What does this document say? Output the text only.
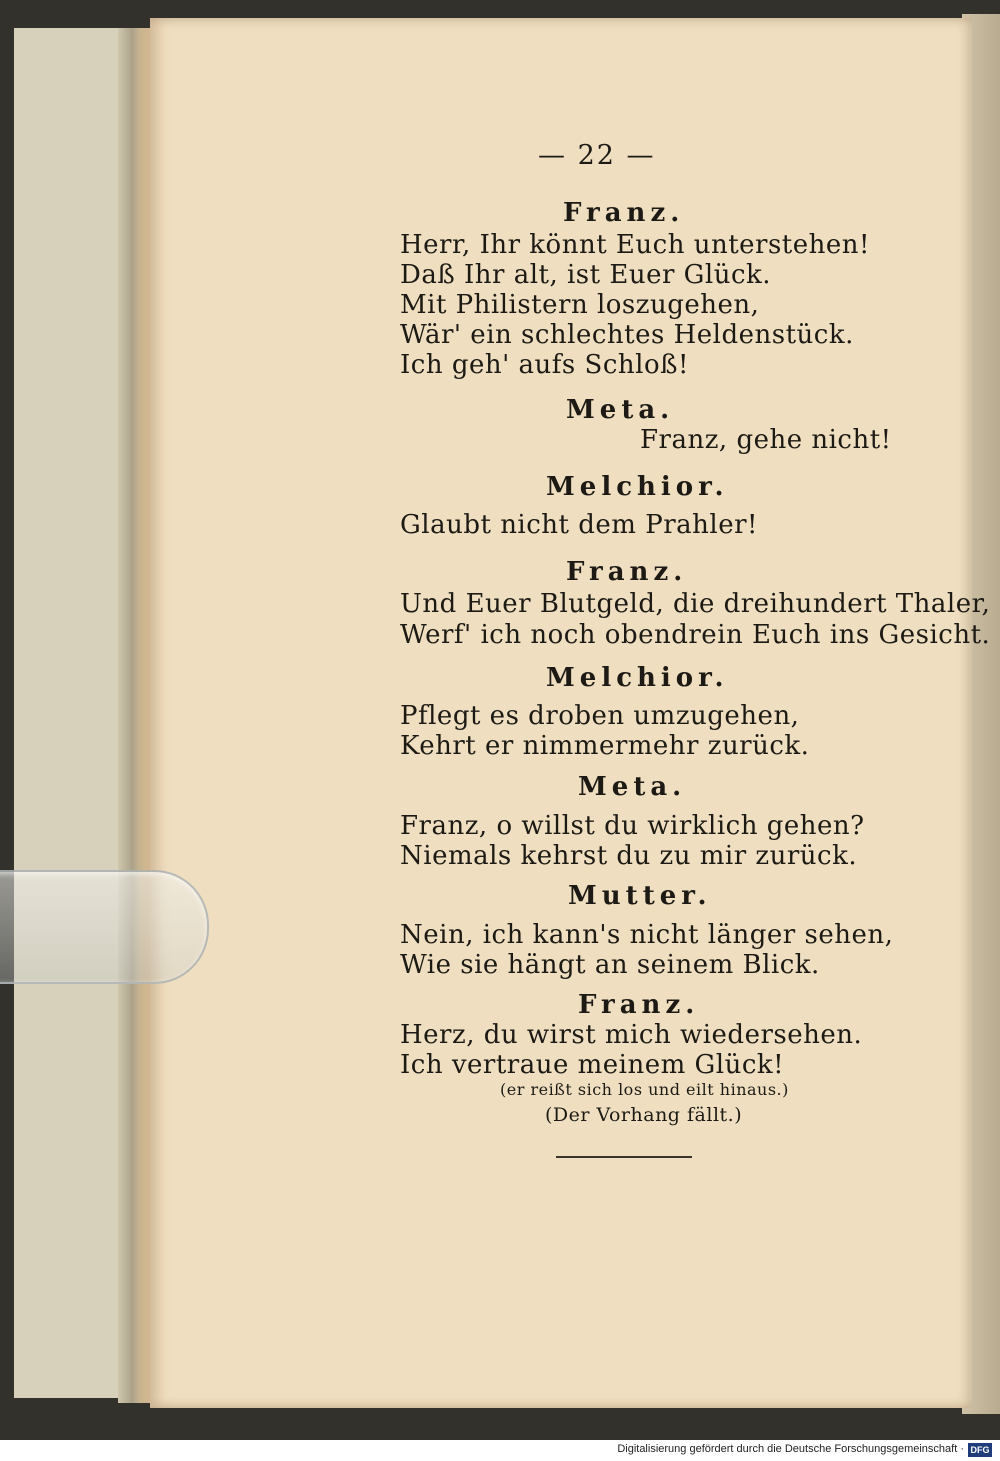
— 22 —
Franz.
Herr, Ihr könnt Euch unterstehen!
Daß Ihr alt, ist Euer Glück.
Mit Philistern loszugehen,
Wär' ein schlechtes Heldenstück.
Ich geh' aufs Schloß!
Meta.
Franz, gehe nicht!
Melchior.
Glaubt nicht dem Prahler!
Franz.
Und Euer Blutgeld, die dreihundert Thaler,
Werf' ich noch obendrein Euch ins Gesicht.
Melchior.
Pflegt es droben umzugehen,
Kehrt er nimmermehr zurück.
Meta.
Franz, o willst du wirklich gehen?
Niemals kehrst du zu mir zurück.
Mutter.
Nein, ich kann's nicht länger sehen,
Wie sie hängt an seinem Blick.
Franz.
Herz, du wirst mich wiedersehen.
Ich vertraue meinem Glück!
(er reißt sich los und eilt hinaus.)
(Der Vorhang fällt.)
Digitalisierung gefördert durch die Deutsche Forschungsgemeinschaft · DFG
